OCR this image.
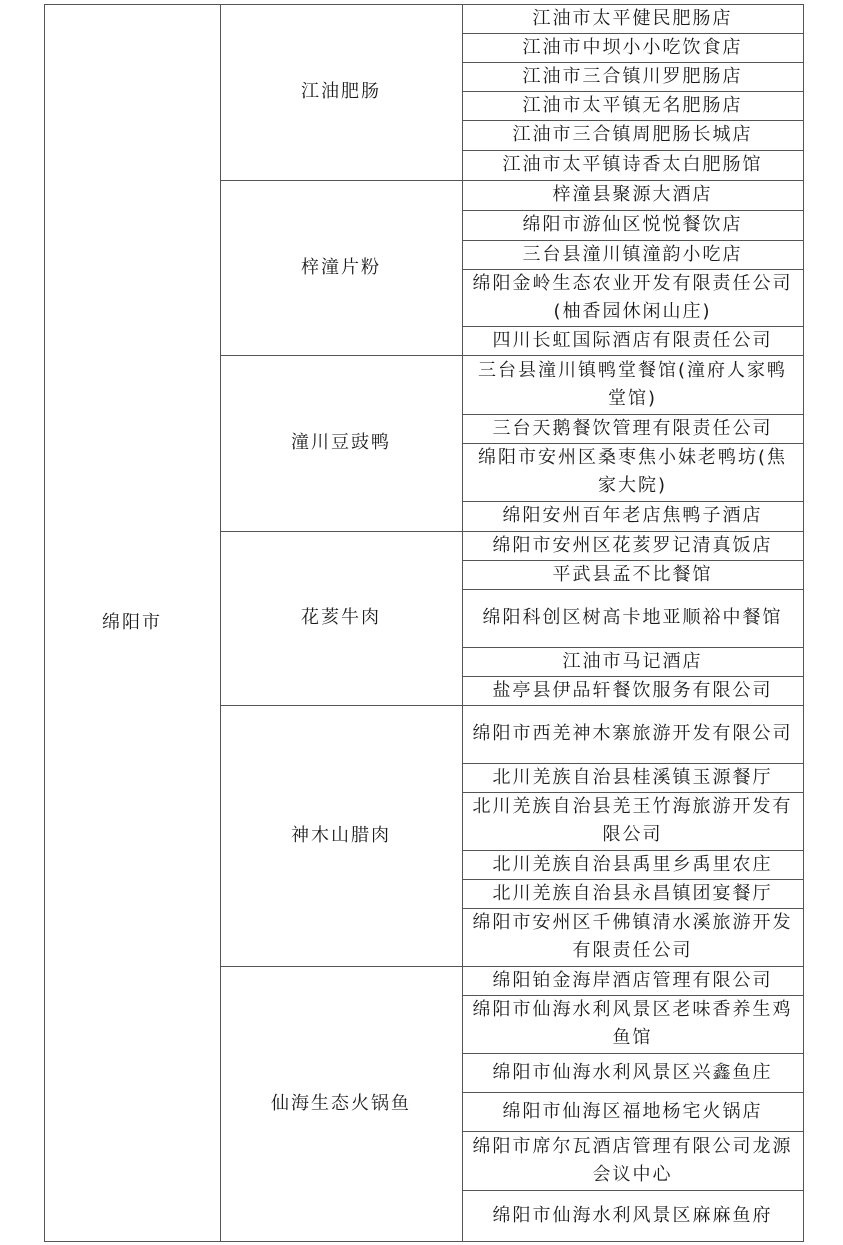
绵阳市
江油肥肠
江油市太平健民肥肠店
江油市中坝小小吃饮食店
江油市三合镇川罗肥肠店
江油市太平镇无名肥肠店
江油市三合镇周肥肠长城店
江油市太平镇诗香太白肥肠馆
梓潼片粉
梓潼县聚源大酒店
绵阳市游仙区悦悦餐饮店
三台县潼川镇潼韵小吃店
绵阳金岭生态农业开发有限责任公司(柚香园休闲山庄)
四川长虹国际酒店有限责任公司
潼川豆豉鸭
三台县潼川镇鸭堂餐馆(潼府人家鸭堂馆)
三台天鹅餐饮管理有限责任公司
绵阳市安州区桑枣焦小妹老鸭坊(焦家大院)
绵阳安州百年老店焦鸭子酒店
花荄牛肉
绵阳市安州区花荄罗记清真饭店
平武县孟不比餐馆
绵阳科创区树高卡地亚顺裕中餐馆
江油市马记酒店
盐亭县伊品轩餐饮服务有限公司
神木山腊肉
绵阳市西羌神木寨旅游开发有限公司
北川羌族自治县桂溪镇玉源餐厅
北川羌族自治县羌王竹海旅游开发有限公司
北川羌族自治县禹里乡禹里农庄
北川羌族自治县永昌镇团宴餐厅
绵阳市安州区千佛镇清水溪旅游开发有限责任公司
仙海生态火锅鱼
绵阳铂金海岸酒店管理有限公司
绵阳市仙海水利风景区老味香养生鸡鱼馆
绵阳市仙海水利风景区兴鑫鱼庄
绵阳市仙海区福地杨宅火锅店
绵阳市席尔瓦酒店管理有限公司龙源会议中心
绵阳市仙海水利风景区麻麻鱼府
